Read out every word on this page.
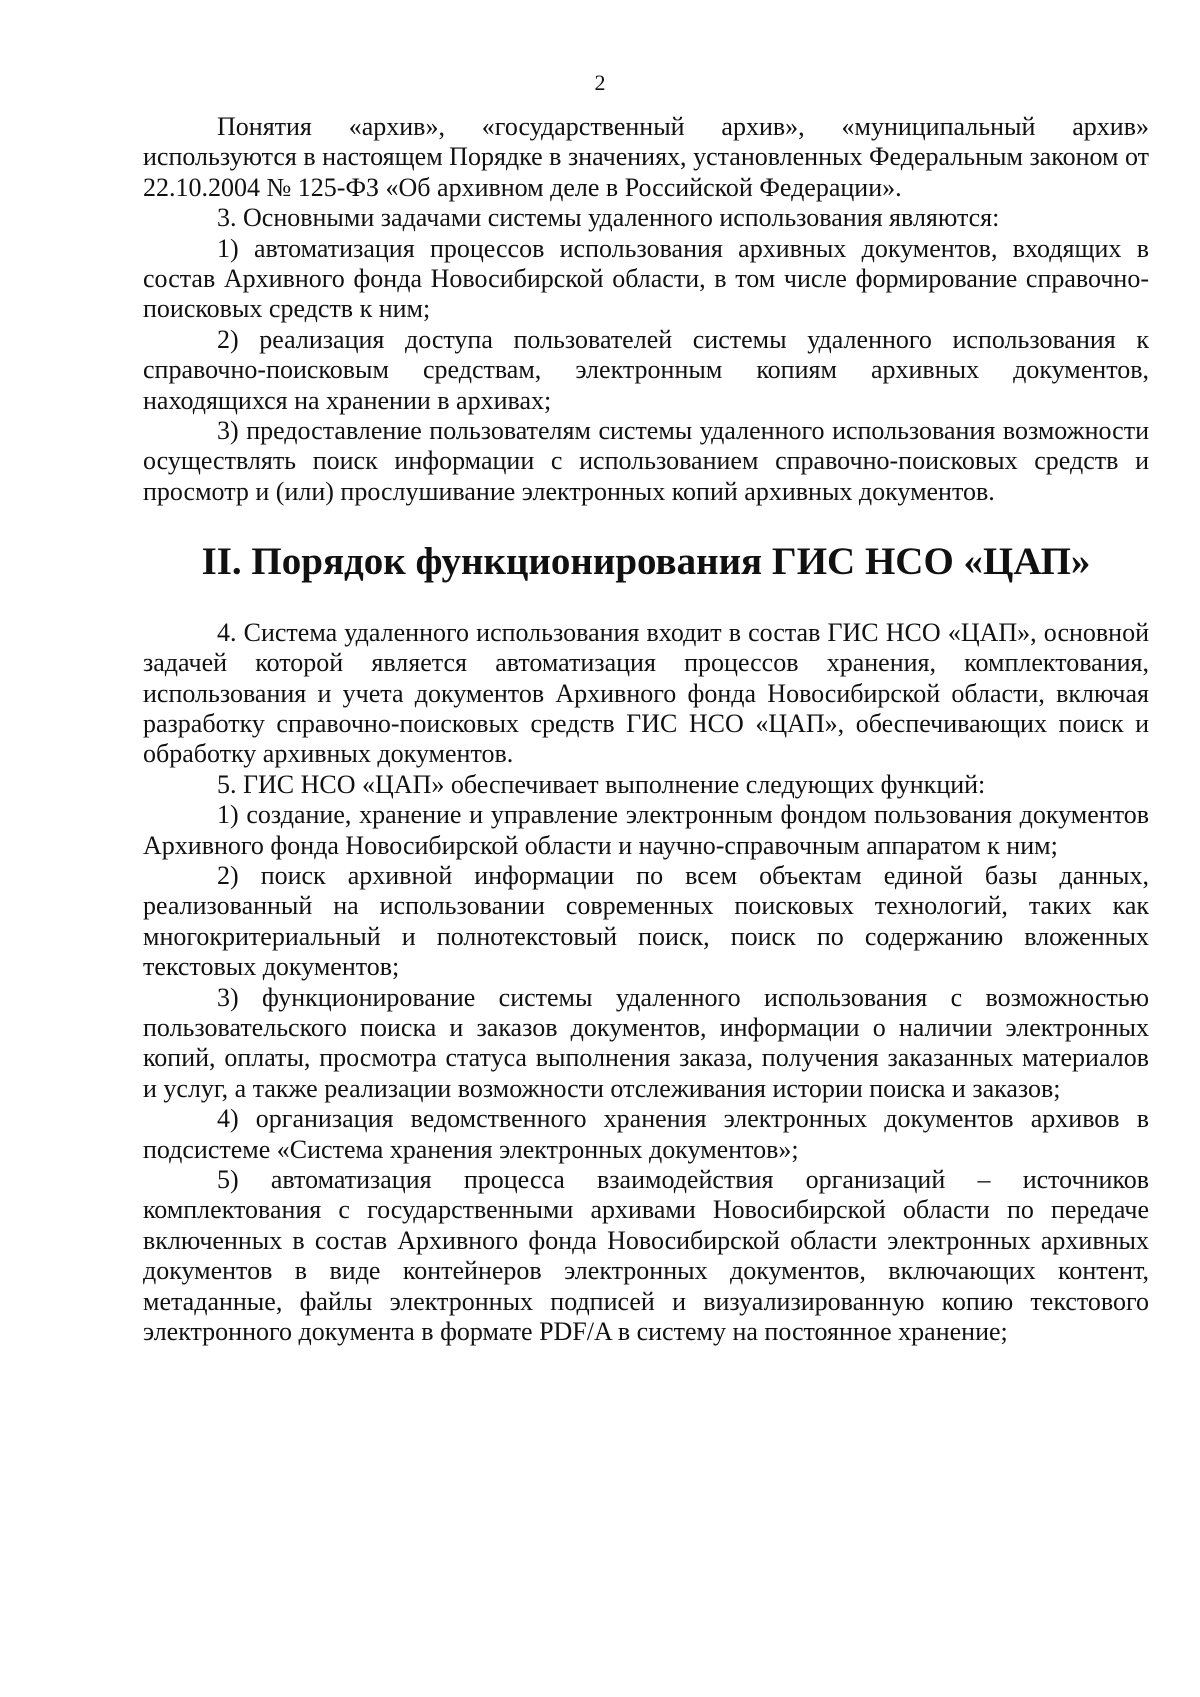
2

Понятия «архив», «государственный архив», «муниципальный архив» используются в настоящем Порядке в значениях, установленных Федеральным законом от 22.10.2004 № 125-ФЗ «Об архивном деле в Российской Федерации».

3. Основными задачами системы удаленного использования являются:

1) автоматизация процессов использования архивных документов, входящих в состав Архивного фонда Новосибирской области, в том числе формирование справочно-поисковых средств к ним;

2) реализация доступа пользователей системы удаленного использования к справочно-поисковым средствам, электронным копиям архивных документов, находящихся на хранении в архивах;

3) предоставление пользователям системы удаленного использования возможности осуществлять поиск информации с использованием справочно-поисковых средств и просмотр и (или) прослушивание электронных копий архивных документов.

II. Порядок функционирования ГИС НСО «ЦАП»

4. Система удаленного использования входит в состав ГИС НСО «ЦАП», основной задачей которой является автоматизация процессов хранения, комплектования, использования и учета документов Архивного фонда Новосибирской области, включая разработку справочно-поисковых средств ГИС НСО «ЦАП», обеспечивающих поиск и обработку архивных документов.

5. ГИС НСО «ЦАП» обеспечивает выполнение следующих функций:

1) создание, хранение и управление электронным фондом пользования документов Архивного фонда Новосибирской области и научно-справочным аппаратом к ним;

2) поиск архивной информации по всем объектам единой базы данных, реализованный на использовании современных поисковых технологий, таких как многокритериальный и полнотекстовый поиск, поиск по содержанию вложенных текстовых документов;

3) функционирование системы удаленного использования с возможностью пользовательского поиска и заказов документов, информации о наличии электронных копий, оплаты, просмотра статуса выполнения заказа, получения заказанных материалов и услуг, а также реализации возможности отслеживания истории поиска и заказов;

4) организация ведомственного хранения электронных документов архивов в подсистеме «Система хранения электронных документов»;

5) автоматизация процесса взаимодействия организаций – источников комплектования с государственными архивами Новосибирской области по передаче включенных в состав Архивного фонда Новосибирской области электронных архивных документов в виде контейнеров электронных документов, включающих контент, метаданные, файлы электронных подписей и визуализированную копию текстового электронного документа в формате PDF/A в систему на постоянное хранение;
